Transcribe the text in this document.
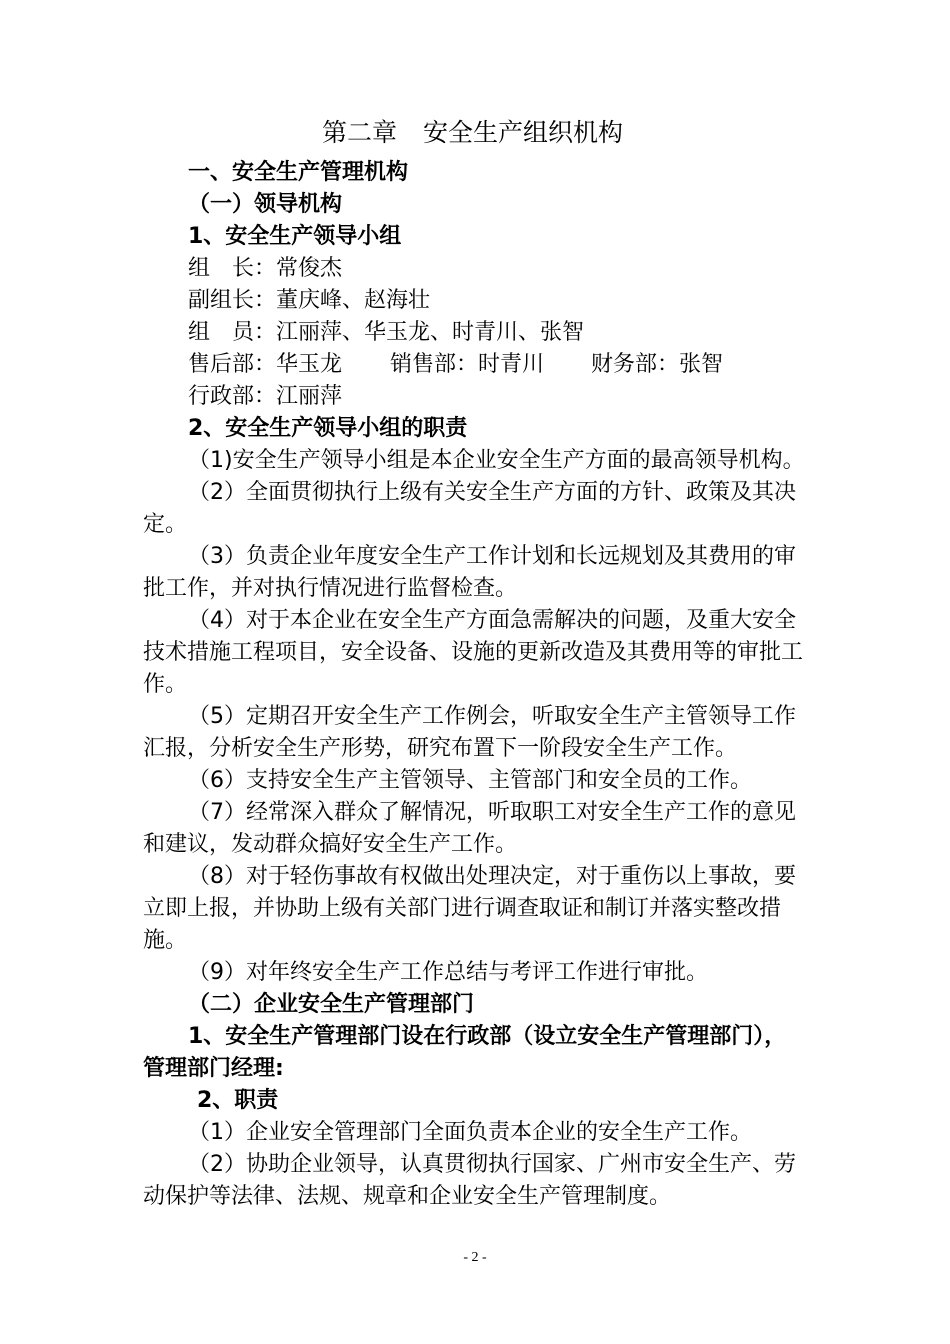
第二章 安全生产组织机构
一、安全生产管理机构
（一）领导机构
1、安全生产领导小组
组　长：常俊杰
副组长：董庆峰、赵海壮
组　员：江丽萍、华玉龙、时青川、张智
售后部：华玉龙 销售部：时青川 财务部：张智
行政部：江丽萍
2、安全生产领导小组的职责
（1)安全生产领导小组是本企业安全生产方面的最高领导机构。
（2）全面贯彻执行上级有关安全生产方面的方针、政策及其决
定。
（3）负责企业年度安全生产工作计划和长远规划及其费用的审
批工作，并对执行情况进行监督检查。
（4）对于本企业在安全生产方面急需解决的问题，及重大安全
技术措施工程项目，安全设备、设施的更新改造及其费用等的审批工
作。
（5）定期召开安全生产工作例会，听取安全生产主管领导工作
汇报，分析安全生产形势，研究布置下一阶段安全生产工作。
（6）支持安全生产主管领导、主管部门和安全员的工作。
（7）经常深入群众了解情况，听取职工对安全生产工作的意见
和建议，发动群众搞好安全生产工作。
（8）对于轻伤事故有权做出处理决定，对于重伤以上事故，要
立即上报，并协助上级有关部门进行调查取证和制订并落实整改措
施。
（9）对年终安全生产工作总结与考评工作进行审批。
（二）企业安全生产管理部门
1、安全生产管理部门设在行政部（设立安全生产管理部门），
管理部门经理:
2、职责
（1）企业安全管理部门全面负责本企业的安全生产工作。
（2）协助企业领导，认真贯彻执行国家、广州市安全生产、劳
动保护等法律、法规、规章和企业安全生产管理制度。
- 2 -
